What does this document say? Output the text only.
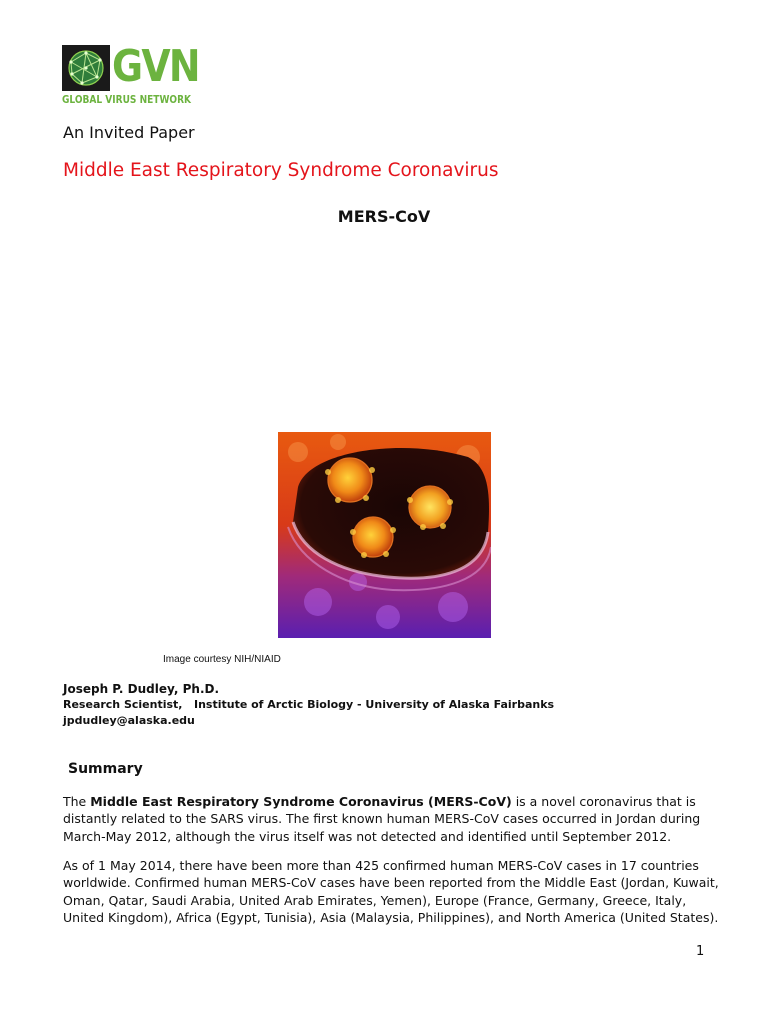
GVN
GLOBAL VIRUS NETWORK
An Invited Paper
Middle East Respiratory Syndrome Coronavirus
MERS-CoV
Image courtesy NIH/NIAID
Joseph P. Dudley, Ph.D.
Research Scientist,   Institute of Arctic Biology - University of Alaska Fairbanks
jpdudley@alaska.edu
Summary
The Middle East Respiratory Syndrome Coronavirus (MERS-CoV) is a novel coronavirus that is distantly related to the SARS virus. The first known human MERS-CoV cases occurred in Jordan during March-May 2012, although the virus itself was not detected and identified until September 2012.
As of 1 May 2014, there have been more than 425 confirmed human MERS-CoV cases in 17 countries worldwide. Confirmed human MERS-CoV cases have been reported from the Middle East (Jordan, Kuwait, Oman, Qatar, Saudi Arabia, United Arab Emirates, Yemen), Europe (France, Germany, Greece, Italy, United Kingdom), Africa (Egypt, Tunisia), Asia (Malaysia, Philippines), and North America (United States).
1
